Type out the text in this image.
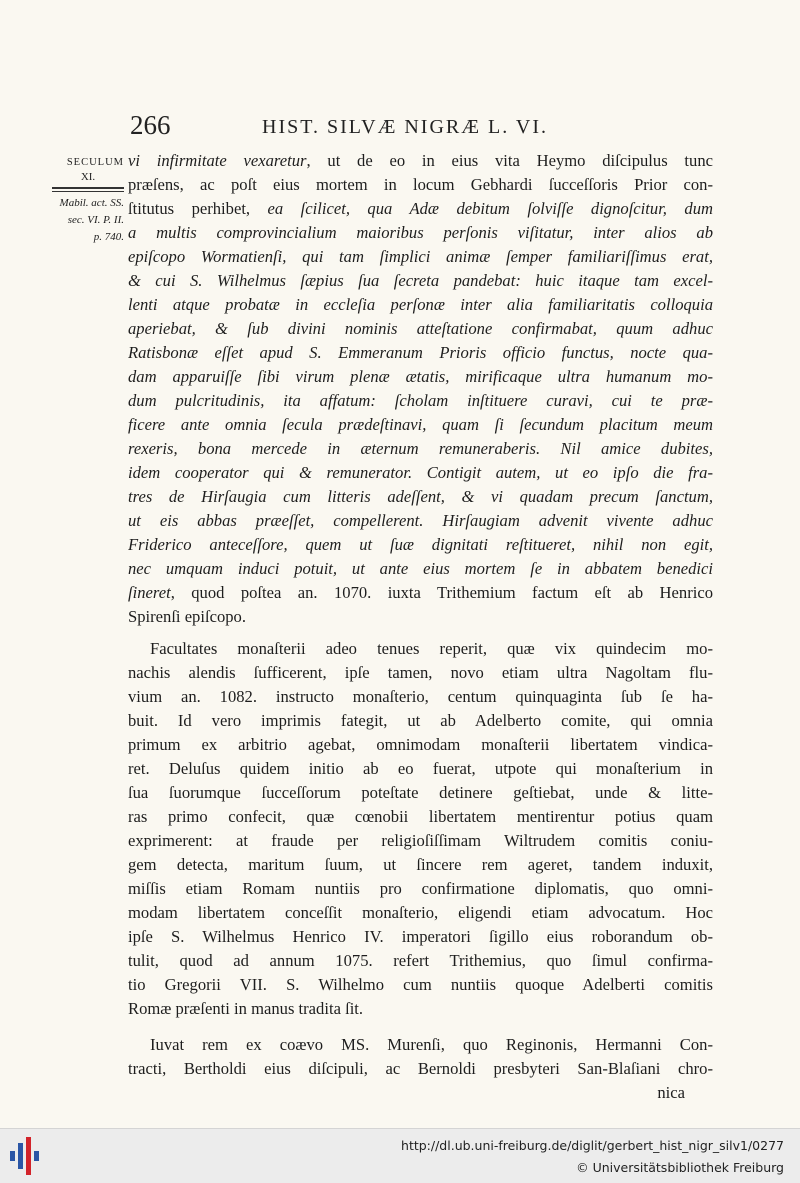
266	HIST. SILVÆ NIGRÆ L. VI.
SECULUM
XI.
Mabil. act. SS.
sec. VI. P. II.
p. 740.
vi infirmitate vexaretur, ut de eo in eius vita Heymo diſcipulus tunc
præſens, ac poſt eius mortem in locum Gebhardi ſucceſſoris Prior con-
ſtitutus perhibet, ea ſcilicet, qua Adæ debitum ſolviſſe dignoſcitur, dum
a multis comprovincialium maioribus perſonis viſitatur, inter alios ab
epiſcopo Wormatienſi, qui tam ſimplici animæ ſemper familiariſſimus erat,
& cui S. Wilhelmus ſæpius ſua ſecreta pandebat: huic itaque tam excel-
lenti atque probatæ in eccleſia perſonæ inter alia familiaritatis colloquia
aperiebat, & ſub divini nominis atteſtatione confirmabat, quum adhuc
Ratisbonæ eſſet apud S. Emmeranum Prioris officio functus, nocte qua-
dam apparuiſſe ſibi virum plenæ ætatis, mirificaque ultra humanum mo-
dum pulcritudinis, ita affatum: ſcholam inſtituere curavi, cui te præ-
ficere ante omnia ſecula prædeſtinavi, quam ſi ſecundum placitum meum
rexeris, bona mercede in æternum remuneraberis. Nil amice dubites,
idem cooperator qui & remunerator. Contigit autem, ut eo ipſo die fra-
tres de Hirſaugia cum litteris adeſſent, & vi quadam precum ſanctum,
ut eis abbas præeſſet, compellerent. Hirſaugiam advenit vivente adhuc
Friderico anteceſſore, quem ut ſuæ dignitati reſtitueret, nihil non egit,
nec umquam induci potuit, ut ante eius mortem ſe in abbatem benedici
ſineret, quod poſtea an. 1070. iuxta Trithemium factum eſt ab Henrico
Spirenſi epiſcopo.
Facultates monaſterii adeo tenues reperit, quæ vix quindecim mo-
nachis alendis ſufficerent, ipſe tamen, novo etiam ultra Nagoltam flu-
vium an. 1082. instructo monaſterio, centum quinquaginta ſub ſe ha-
buit. Id vero imprimis fategit, ut ab Adelberto comite, qui omnia
primum ex arbitrio agebat, omnimodam monaſterii libertatem vindica-
ret. Deluſus quidem initio ab eo fuerat, utpote qui monaſterium in
ſua ſuorumque ſucceſſorum poteſtate detinere geſtiebat, unde & litte-
ras primo confecit, quæ cœnobii libertatem mentirentur potius quam
exprimerent: at fraude per religioſiſſimam Wiltrudem comitis coniu-
gem detecta, maritum ſuum, ut ſincere rem ageret, tandem induxit,
miſſis etiam Romam nuntiis pro confirmatione diplomatis, quo omni-
modam libertatem conceſſit monaſterio, eligendi etiam advocatum. Hoc
ipſe S. Wilhelmus Henrico IV. imperatori ſigillo eius roborandum ob-
tulit, quod ad annum 1075. refert Trithemius, quo ſimul confirma-
tio Gregorii VII. S. Wilhelmo cum nuntiis quoque Adelberti comitis
Romæ præſenti in manus tradita ſit.
Iuvat rem ex coævo MS. Murenſi, quo Reginonis, Hermanni Con-
tracti, Bertholdi eius diſcipuli, ac Bernoldi presbyteri San-Blaſiani chro-
nica
http://dl.ub.uni-freiburg.de/diglit/gerbert_hist_nigr_silv1/0277
© Universitätsbibliothek Freiburg
